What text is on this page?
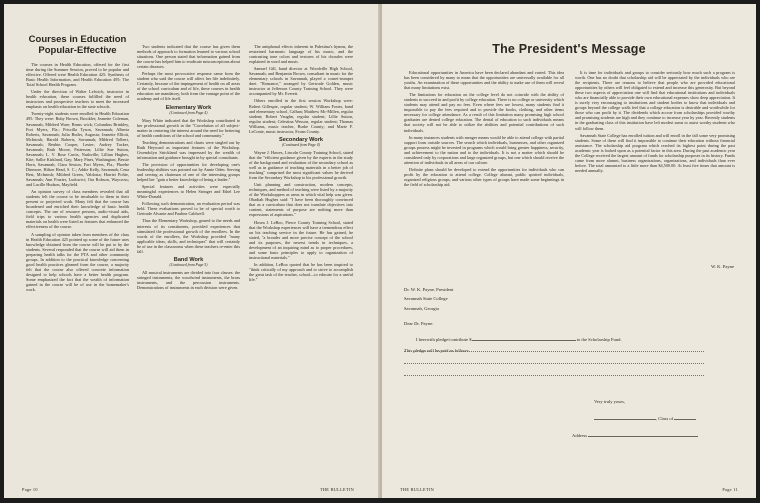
Courses in Education Popular-Effective

The courses in Health Education, offered for the first time during the Summer Session, proved to be popular and effective. Offered were Health Education 425: Synthesis of Basic Health Information, and Health Education 495: The Total School Health Program.

Under the direction of Walter Lefwich, instructor in health education, these courses fulfilled the need of instructors and prospective teachers to meet the increased emphasis on health education in the state schools.

Twenty-eight students were enrolled in Health Education 495. They were: Ruby Brown, Brooklet; Jeanette Coleman, Savannah; Mildred Ware; Bruns wick; Columbus Brinkley, Fort Myers, Fla.; Priscilla Tyson, Savannah; Alberta Roberts, Savannah; Julia Butler, Augusta; Jeanette Elliott, McIntosh; Harold Roberts, Savannah; Mildred Tolbert, Savannah; Reubin Cooper, Lester; Audrey Tucker, Savannah; Ruth Moore, Patterson; Lillie Sue Sutton, Savannah; L. V. Rose Curtis, Nashville; Lillian Hughes, Kite; Sallie Kirkland, Gay; Mary Pinet, Washington; Bessie Horn, Savannah; Clara Sexton, Fort Myers, Fla.; Phoebe Dinmore, Hilton Head, S. C.; Addie Kelly, Savannah; Cena Best, McIntosh; Mildred Green, Valdosta; Harriet Polite, Savannah; Ann Frazier, Ludowici; Ora Robson, Waycross; and Lucille Hudson, Mayfield.

An opinion survey of class members revealed that all students felt the course to be invaluable to them in their present or projected work. Many felt that the course has broadened and enriched their knowledge of basic health concepts. The use of resource persons, audio-visual aids, field trips to various health agencies and duplicated materials on health were listed as features that enhanced the effectiveness of the course.

A sampling of opinion taken from members of the class in Health Education 425 pointed up some of the future uses knowledge obtained from the course will be put to by the students. Several responded that the course will aid them in preparing health talks for the PTA and other community groups. In addition to the practical knowledge concerning good health practices gleaned from the course, a majority felt that the course also offered concrete information designed to help schools have a better health program. Some emphasized the fact that the wealth of information gained in the course will be of use in the homemaker's work.

Two students indicated that the course has given them methods of approach to formation learned to various school situations. One person stated that information gained from the course has helped him to eradicate misconceptions about certain diseases.

Perhaps the most provocative response came from the student who said the course will affect her life indefinitely. Certainly, because of the impingement of health on all areas of the school curriculum and of life, these courses in health education are mandatory, both from the vantage point of the academy and of life itself.

Elementary Work
(Continued from Page 4)

Mary White indicated that the Workshop contributed to her professional growth in the "Correlation of all subject-matter in centering the interest around the need for bettering of health conditions of the school and community."

Teaching demonstrations and charts were singled out by Ruth Heyward as important features of the Workshop. Gwendolyn Strickland was impressed by the wealth of information and guidance brought in by special consultants.

The provision of opportunities for developing one's leadership abilities was pointed out by Annie Oden. Serving and serving as chairman of one of the interesting groups helped her "gain a better knowledge of being a leader."

Special features and activities were especially meaningful experiences to Helen Stringer and Ethel Lee White-Donald.

Following such demonstration, an evaluation period was held. These evaluations proved to be of special worth to Gertrude Alvante and Pauline Caldwell.

Thus the Elementary Workshop, geared to the needs and interests of its constituents, provided experiences that stimulated the professional growth of the enrollees. In the words of the enrollees, the Workshop provided "many applicable ideas, skills, and techniques" that will certainly be of use in the classrooms when these teachers re-enter this fall.

Band Work
(Continued from Page 5)

All musical instruments are divided into four classes: the stringed instruments, the woodwind instruments, the brass instruments, and the percussion instruments. Demonstrations of instruments in each division were given.

The antiphonal effects inherent in Palestina's hymns, the restrained harmonic language of his music, and the contrasting tone colors and textures of his chorales were explained in word and music.

Samuel Gill, band director at Woodville High School, Savannah; and Benjamin Brown, consultant in music for the elementary schools in Savannah, played a cornet-trumpet duet. "Romance," arranged by Gertrude Golden, music instructor at Jefferson County Training School. They were accompanied by Mr. Everett.

Others enrolled in the first session Workshop were: Robert Gillespie, regular student; W. William Foster, band and elementary school, Calhan; Matthew Mc-Millen, regular student; Robert Vaughn, regular student; Lillie Sutton, regular student; Celestina Wesson, regular student; Thomas Williams, music teacher, Burke County; and Marie F. LeConte, music instructor, Evans County.

Secondary Work
(Continued from Page 4)

Wayne J. Hawes, Lincoln County Training School, stated that the "efficient guidance given by the experts in the study of the background and evaluation of the secondary school as well as in guidance of teaching materials in a better job of teaching" comprised the most significant values he derived from the Secondary Workshop to his professional growth.

Unit planning and construction, modern concepts, techniques, and method of teaching were listed by a majority of the Workshoppers as areas in which vital help was given. Obadiah Hughes said: "I have been thoroughly convinced that as a curriculum that does not translate objectives into content, statements of purpose are nothing more than expressions of aspirations."

Hosea J. LeBoo, Pierce County Training School, stated that the Workshop experiences will have a tremendous effect on his teaching service in the future. He has gained, he stated, "a broader and more precise concept of the school and its purposes, the newest trends in techniques, a development of an inquiring mind as to proper procedures, and some basic principles to apply to organization of instructional materials."

In addition, LeBoo quoted that he has been inspired to "think critically of my approach and to strive to accomplish the great task of the teacher, school—to educate for a useful life."

Page 10	THE BULLETIN
The President's Message

Educational opportunities in America have been declared abundant and varied. This idea has been considered by many to mean that the opportunities are universally available for all youths. An examination of these opportunities and the ability to make use of them will reveal that many limitations exist.

The limitations for education on the college level do not coincide with the ability of students to succeed in and profit by college education. There is no college or university which students may attend and pay no fees. Even where fees are lowest, many students find it impossible to pay the fees required and to provide the books, clothing, and other items necessary for college attendance. As a result of this limitation many promising high school graduates are denied college education. The denial of education to such individuals means that society will not be able to utilize the abilities and potential contributions of such individuals.

In many instances students with meager means would be able to attend college with partial support from outside sources. The search which individuals, businesses, and other organized groups possess might be invested in programs which would bring greater happiness, security, and achievement to the nation and to the individuals. It is not a matter which should be considered only by corporations and large organized groups, but one which should receive the attention of individuals in all areas of our culture.

Definite plans should be developed to extend the opportunities for individuals who can profit by the education to attend college. College alumni, public spirited individuals, organized religious groups, and various other types of groups have made some beginnings in the field of scholarship aid.

It is time for individuals and groups to consider seriously how much such a program is worth. One has no doubt that scholarship aid will be appreciated by the individuals who are the recipients. There are reasons to believe that people who are provided educational opportunities by others will feel obligated to extend and increase this generosity. But beyond these two aspects of appreciation one will find that educational institutions and individuals who are financially able to provide their own educational expenses show deep appreciation. It is surely very encouraging to institutions and student bodies to know that individuals and groups beyond the college walls feel that a college education is desirable and worthwhile for those who can profit by it. The dividends which accrue from scholarships provided worthy and promising students are high and they continue to increase year by year. Recently students in the graduating class of this institution have left modest sums to assist worthy students who will follow them.

Savannah State College has enrolled tuition and will enroll in the fall some very promising students. Some of these will find it impossible to continue their education without financial assistance. The scholarship aid program which reached its highest point during the past academic year is looked upon as a potential factor in this area. During the past academic year the College received the largest amount of funds for scholarship purposes in its history. Funds came from more alumni, business organizations, organizations, and individuals than ever before. The total amounted to a little more than $4,500.00. At least five times that amount is needed annually.

W. K. Payne
Dr. W. K. Payne, President
Savannah State College
Savannah, Georgia
Dear Dr. Payne:
I herewith pledge/contribute $	to the Scholarship Fund.
This pledge will be paid as follows:
Very truly yours,
, Class of
Address
THE BULLETIN	Page 11
